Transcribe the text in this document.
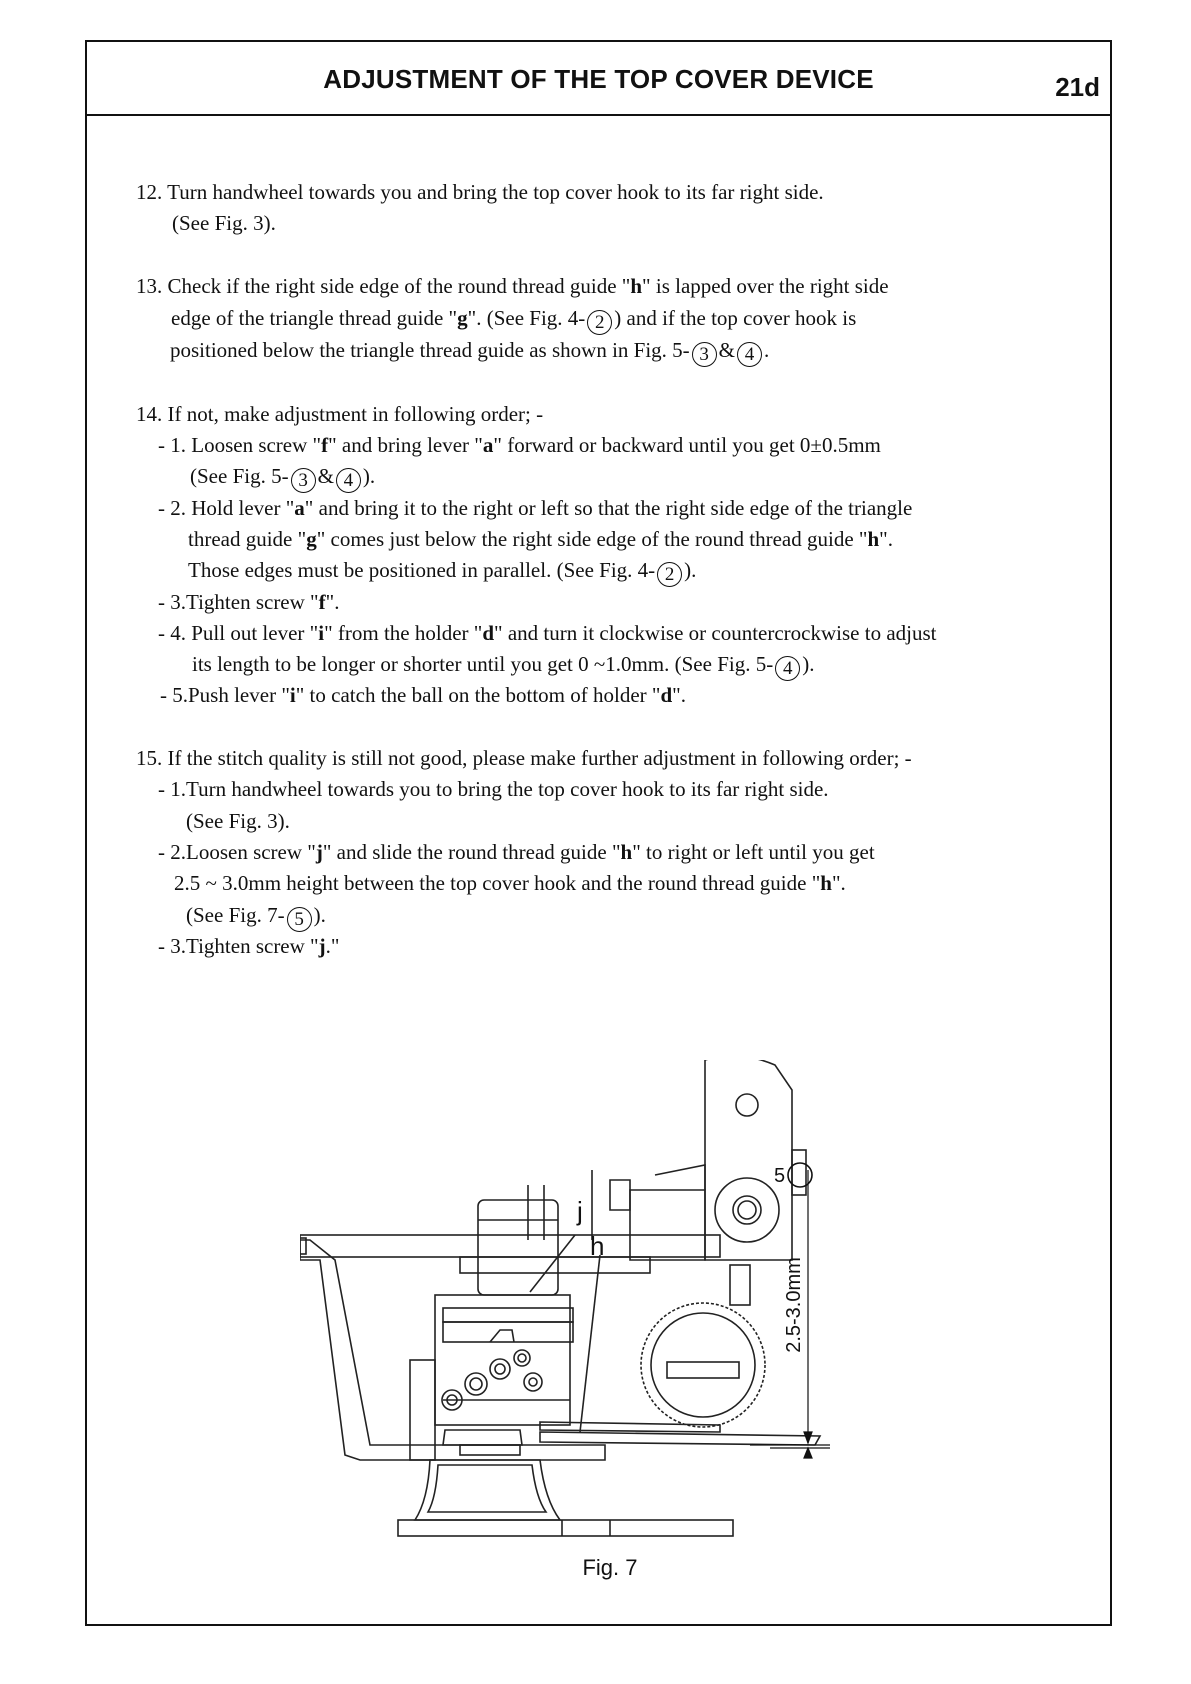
ADJUSTMENT OF THE TOP COVER DEVICE	21d
12. Turn handwheel towards you and bring the top cover hook to its far right side.
(See Fig. 3).
13. Check if the right side edge of the round thread guide "h" is lapped over the right side
edge of the triangle thread guide "g". (See Fig. 4- 2 ) and if the top cover hook is
positioned below the triangle thread guide as shown in Fig. 5- 3 & 4 .
14. If not, make adjustment in following order; -
- 1. Loosen screw "f" and bring lever "a" forward or backward until you get 0±0.5mm
(See Fig. 5- 3 & 4 ).
- 2. Hold lever "a" and bring it to the right or left so that the right side edge of the triangle
thread guide "g" comes just below the right side edge of the round thread guide "h".
Those edges must be positioned in parallel. (See Fig. 4- 2 ).
- 3.Tighten screw "f".
- 4. Pull out lever "i" from the holder "d" and turn it clockwise or countercrockwise to adjust
its length to be longer or shorter until you get 0 ~1.0mm. (See Fig. 5- 4 ).
- 5.Push lever "i" to catch the ball on the bottom of holder "d".
15. If the stitch quality is still not good, please make further adjustment in following order; -
- 1.Turn handwheel towards you to bring the top cover hook to its far right side.
(See Fig. 3).
- 2.Loosen screw "j" and slide the round thread guide "h" to right or left until you get
2.5 ~ 3.0mm height between the top cover hook and the round thread guide "h".
(See Fig. 7- 5 ).
- 3.Tighten screw "j."
5
j
h
2.5-3.0mm
Fig. 7
